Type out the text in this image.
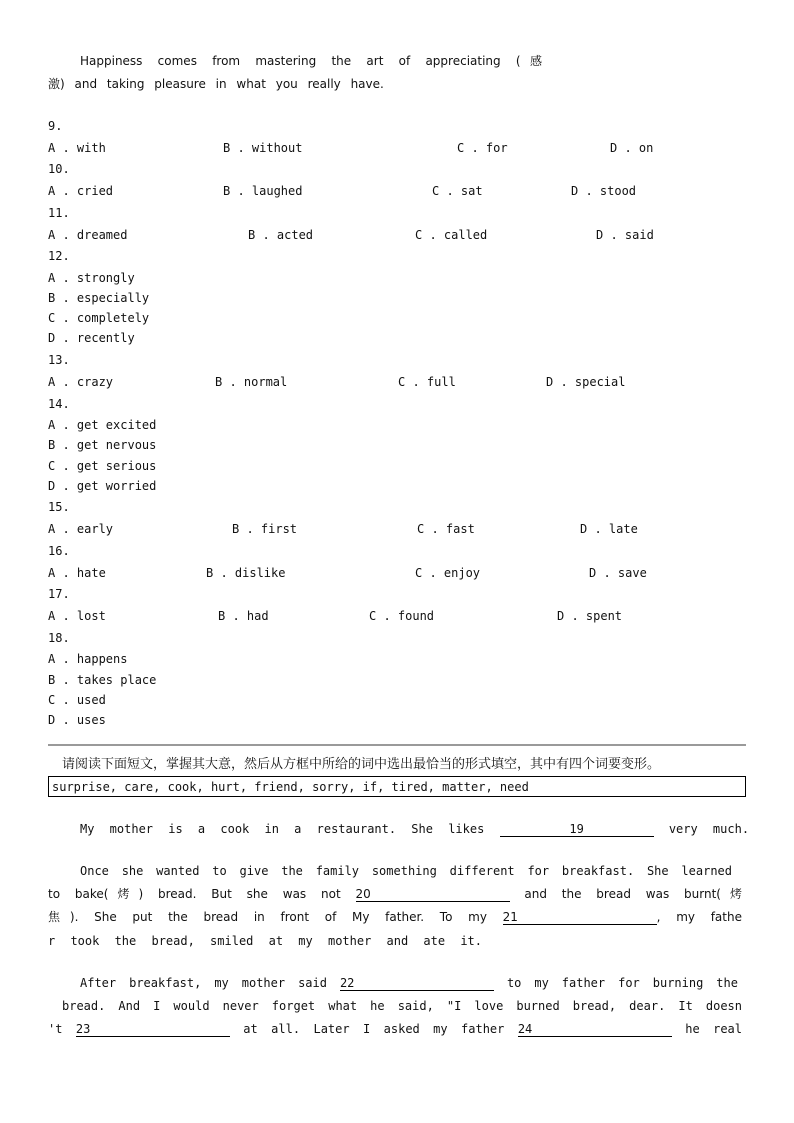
Happiness comes from mastering the art of appreciating (感
激) and taking pleasure in what you really have.
9.
A . with	B . without	C . for	D . on
10.
A . cried	B . laughed	C . sat	D . stood
11.
A . dreamed	B . acted	C . called	D . said
12.
A . strongly
B . especially
C . completely
D . recently
13.
A . crazy	B . normal	C . full	D . special
14.
A . get excited
B . get nervous
C . get serious
D . get worried
15.
A . early	B . first	C . fast	D . late
16.
A . hate	B . dislike	C . enjoy	D . save
17.
A . lost	B . had	C . found	D . spent
18.
A . happens
B . takes place
C . used
D . uses
请阅读下面短文，掌握其大意，然后从方框中所给的词中选出最恰当的形式填空，其中有四个词要变形。
surprise, care, cook, hurt, friend, sorry, if, tired, matter, need
My mother is a cook in a restaurant. She likes	19	very much.
Once she wanted to give the family something different for breakfast. She learned
to bake(烤) bread. But she was not 20	and the bread was burnt(烤
焦). She put the bread in front of My father. To my 21	, my fathe
r took the bread, smiled at my mother and ate it.
After breakfast, my mother said 22	to my father for burning the
bread. And I would never forget what he said, "I love burned bread, dear. It doesn
't 23	at all. Later I asked my father 24	he real
